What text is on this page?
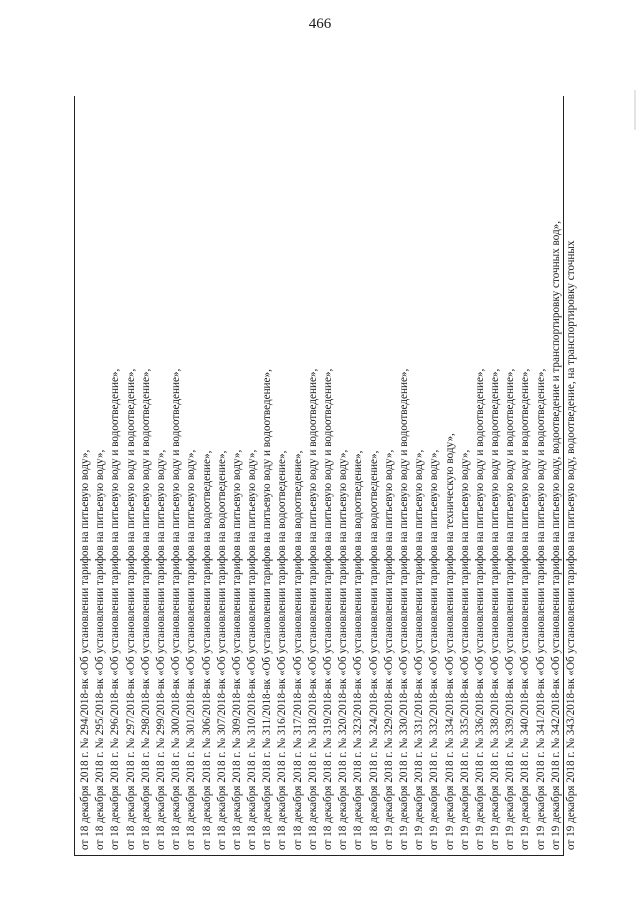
466
от 18 декабря 2018 г. № 294/2018-вк «Об установлении тарифов на питьевую воду», от 18 декабря 2018 г. № 295/2018-вк «Об установлении тарифов на питьевую воду», от 18 декабря 2018 г. № 296/2018-вк «Об установлении тарифов на питьевую воду и водоотведение», от 18 декабря 2018 г. № 297/2018-вк «Об установлении тарифов на питьевую воду и водоотведение», от 18 декабря 2018 г. № 298/2018-вк «Об установлении тарифов на питьевую воду и водоотведение», от 18 декабря 2018 г. № 299/2018-вк «Об установлении тарифов на питьевую воду», от 18 декабря 2018 г. № 300/2018-вк «Об установлении тарифов на питьевую воду и водоотведение», от 18 декабря 2018 г. № 301/2018-вк «Об установлении тарифов на питьевую воду», от 18 декабря 2018 г. № 306/2018-вк «Об установлении тарифов на водоотведение», от 18 декабря 2018 г. № 307/2018-вк «Об установлении тарифов на водоотведение», от 18 декабря 2018 г. № 309/2018-вк «Об установлении тарифов на питьевую воду», от 18 декабря 2018 г. № 310/2018-вк «Об установлении тарифов на питьевую воду», от 18 декабря 2018 г. № 311/2018-вк «Об установлении тарифов на питьевую воду и водоотведение», от 18 декабря 2018 г. № 316/2018-вк «Об установлении тарифов на водоотведение», от 18 декабря 2018 г. № 317/2018-вк «Об установлении тарифов на водоотведение», от 18 декабря 2018 г. № 318/2018-вк «Об установлении тарифов на питьевую воду и водоотведение», от 18 декабря 2018 г. № 319/2018-вк «Об установлении тарифов на питьевую воду и водоотведение», от 18 декабря 2018 г. № 320/2018-вк «Об установлении тарифов на питьевую воду», от 18 декабря 2018 г. № 323/2018-вк «Об установлении тарифов на водоотведение», от 18 декабря 2018 г. № 324/2018-вк «Об установлении тарифов на водоотведение», от 19 декабря 2018 г. № 329/2018-вк «Об установлении тарифов на питьевую воду», от 19 декабря 2018 г. № 330/2018-вк «Об установлении тарифов на питьевую воду и водоотведение», от 19 декабря 2018 г. № 331/2018-вк «Об установлении тарифов на питьевую воду», от 19 декабря 2018 г. № 332/2018-вк «Об установлении тарифов на питьевую воду», от 19 декабря 2018 г. № 334/2018-вк «Об установлении тарифов на техническую воду», от 19 декабря 2018 г. № 335/2018-вк «Об установлении тарифов на питьевую воду», от 19 декабря 2018 г. № 336/2018-вк «Об установлении тарифов на питьевую воду и водоотведение», от 19 декабря 2018 г. № 338/2018-вк «Об установлении тарифов на питьевую воду и водоотведение», от 19 декабря 2018 г. № 339/2018-вк «Об установлении тарифов на питьевую воду и водоотведение», от 19 декабря 2018 г. № 340/2018-вк «Об установлении тарифов на питьевую воду и водоотведение», от 19 декабря 2018 г. № 341/2018-вк «Об установлении тарифов на питьевую воду и водоотведение», от 19 декабря 2018 г. № 342/2018-вк «Об установлении тарифов на питьевую воду, водоотведение и транспортировку сточных вод», от 19 декабря 2018 г. № 343/2018-вк «Об установлении тарифов на питьевую воду, водоотведение, на транспортировку сточных
